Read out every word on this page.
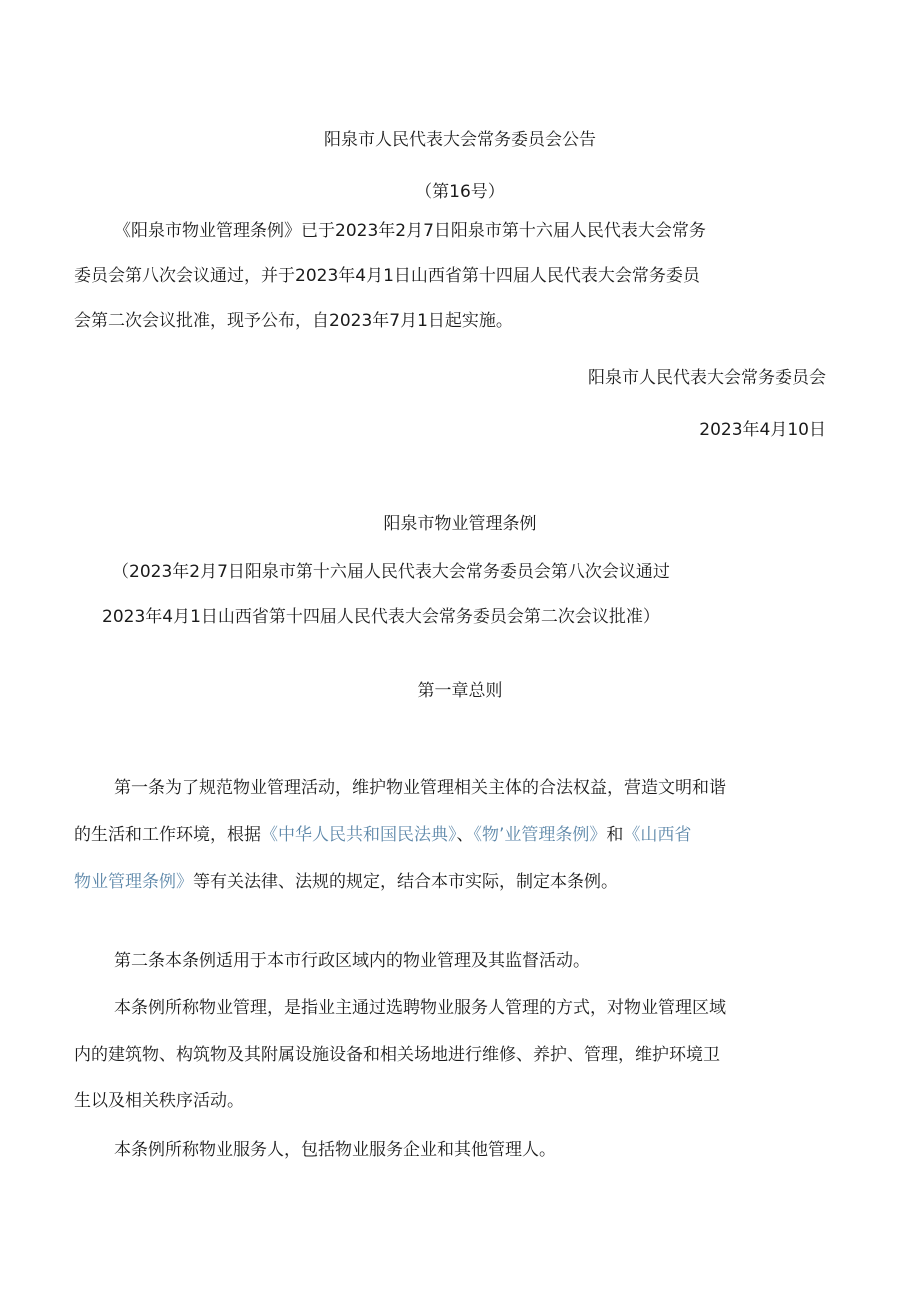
阳泉市人民代表大会常务委员会公告
（第16号）
《阳泉市物业管理条例》已于2023年2月7日阳泉市第十六届人民代表大会常务
委员会第八次会议通过，并于2023年4月1日山西省第十四届人民代表大会常务委员
会第二次会议批准，现予公布，自2023年7月1日起实施。
阳泉市人民代表大会常务委员会
2023年4月10日
阳泉市物业管理条例
（2023年2月7日阳泉市第十六届人民代表大会常务委员会第八次会议通过
2023年4月1日山西省第十四届人民代表大会常务委员会第二次会议批准）
第一章总则
第一条为了规范物业管理活动，维护物业管理相关主体的合法权益，营造文明和谐
的生活和工作环境，根据《中华人民共和国民法典》、《物’业管理条例》和《山西省
物业管理条例》等有关法律、法规的规定，结合本市实际，制定本条例。
第二条本条例适用于本市行政区域内的物业管理及其监督活动。
本条例所称物业管理，是指业主通过选聘物业服务人管理的方式，对物业管理区域
内的建筑物、构筑物及其附属设施设备和相关场地进行维修、养护、管理，维护环境卫
生以及相关秩序活动。
本条例所称物业服务人，包括物业服务企业和其他管理人。
